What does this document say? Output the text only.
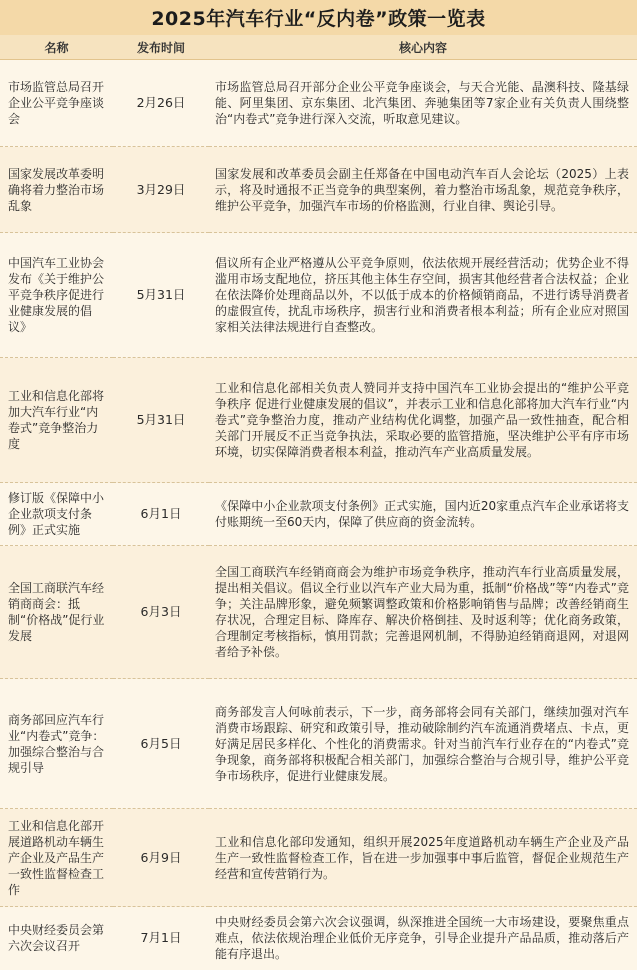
2025年汽车行业“反内卷”政策一览表
名称	发布时间	核心内容
市场监管总局召开企业公平竞争座谈会	2月26日	市场监管总局召开部分企业公平竞争座谈会，与天合光能、晶澳科技、隆基绿能、阿里集团、京东集团、北汽集团、奔驰集团等7家企业有关负责人围绕整治“内卷式”竞争进行深入交流，听取意见建议。
国家发展改革委明确将着力整治市场乱象	3月29日	国家发展和改革委员会副主任郑备在中国电动汽车百人会论坛（2025）上表示，将及时通报不正当竞争的典型案例，着力整治市场乱象，规范竞争秩序，维护公平竞争，加强汽车市场的价格监测，行业自律、舆论引导。
中国汽车工业协会发布《关于维护公平竞争秩序促进行业健康发展的倡议》	5月31日	倡议所有企业严格遵从公平竞争原则，依法依规开展经营活动；优势企业不得滥用市场支配地位，挤压其他主体生存空间，损害其他经营者合法权益；企业在依法降价处理商品以外，不以低于成本的价格倾销商品，不进行诱导消费者的虚假宣传，扰乱市场秩序，损害行业和消费者根本利益；所有企业应对照国家相关法律法规进行自查整改。
工业和信息化部将加大汽车行业“内卷式”竞争整治力度	5月31日	工业和信息化部相关负责人赞同并支持中国汽车工业协会提出的“维护公平竞争秩序 促进行业健康发展的倡议”，并表示工业和信息化部将加大汽车行业“内卷式”竞争整治力度，推动产业结构优化调整，加强产品一致性抽查，配合相关部门开展反不正当竞争执法，采取必要的监管措施，坚决维护公平有序市场环境，切实保障消费者根本利益，推动汽车产业高质量发展。
修订版《保障中小企业款项支付条例》正式实施	6月1日	《保障中小企业款项支付条例》正式实施，国内近20家重点汽车企业承诺将支付账期统一至60天内，保障了供应商的资金流转。
全国工商联汽车经销商商会：抵制“价格战”促行业发展	6月3日	全国工商联汽车经销商商会为维护市场竞争秩序，推动汽车行业高质量发展，提出相关倡议。倡议全行业以汽车产业大局为重，抵制“价格战”等“内卷式”竞争；关注品牌形象，避免频繁调整政策和价格影响销售与品牌；改善经销商生存状况，合理定目标、降库存、解决价格倒挂、及时返利等；优化商务政策，合理制定考核指标，慎用罚款；完善退网机制，不得胁迫经销商退网，对退网者给予补偿。
商务部回应汽车行业“内卷式”竞争：加强综合整治与合规引导	6月5日	商务部发言人何咏前表示，下一步，商务部将会同有关部门，继续加强对汽车消费市场跟踪、研究和政策引导，推动破除制约汽车流通消费堵点、卡点，更好满足居民多样化、个性化的消费需求。针对当前汽车行业存在的“内卷式”竞争现象，商务部将积极配合相关部门，加强综合整治与合规引导，维护公平竞争市场秩序，促进行业健康发展。
工业和信息化部开展道路机动车辆生产企业及产品生产一致性监督检查工作	6月9日	工业和信息化部印发通知，组织开展2025年度道路机动车辆生产企业及产品生产一致性监督检查工作，旨在进一步加强事中事后监管，督促企业规范生产经营和宣传营销行为。
中央财经委员会第六次会议召开	7月1日	中央财经委员会第六次会议强调，纵深推进全国统一大市场建设，要聚焦重点难点，依法依规治理企业低价无序竞争，引导企业提升产品品质，推动落后产能有序退出。
